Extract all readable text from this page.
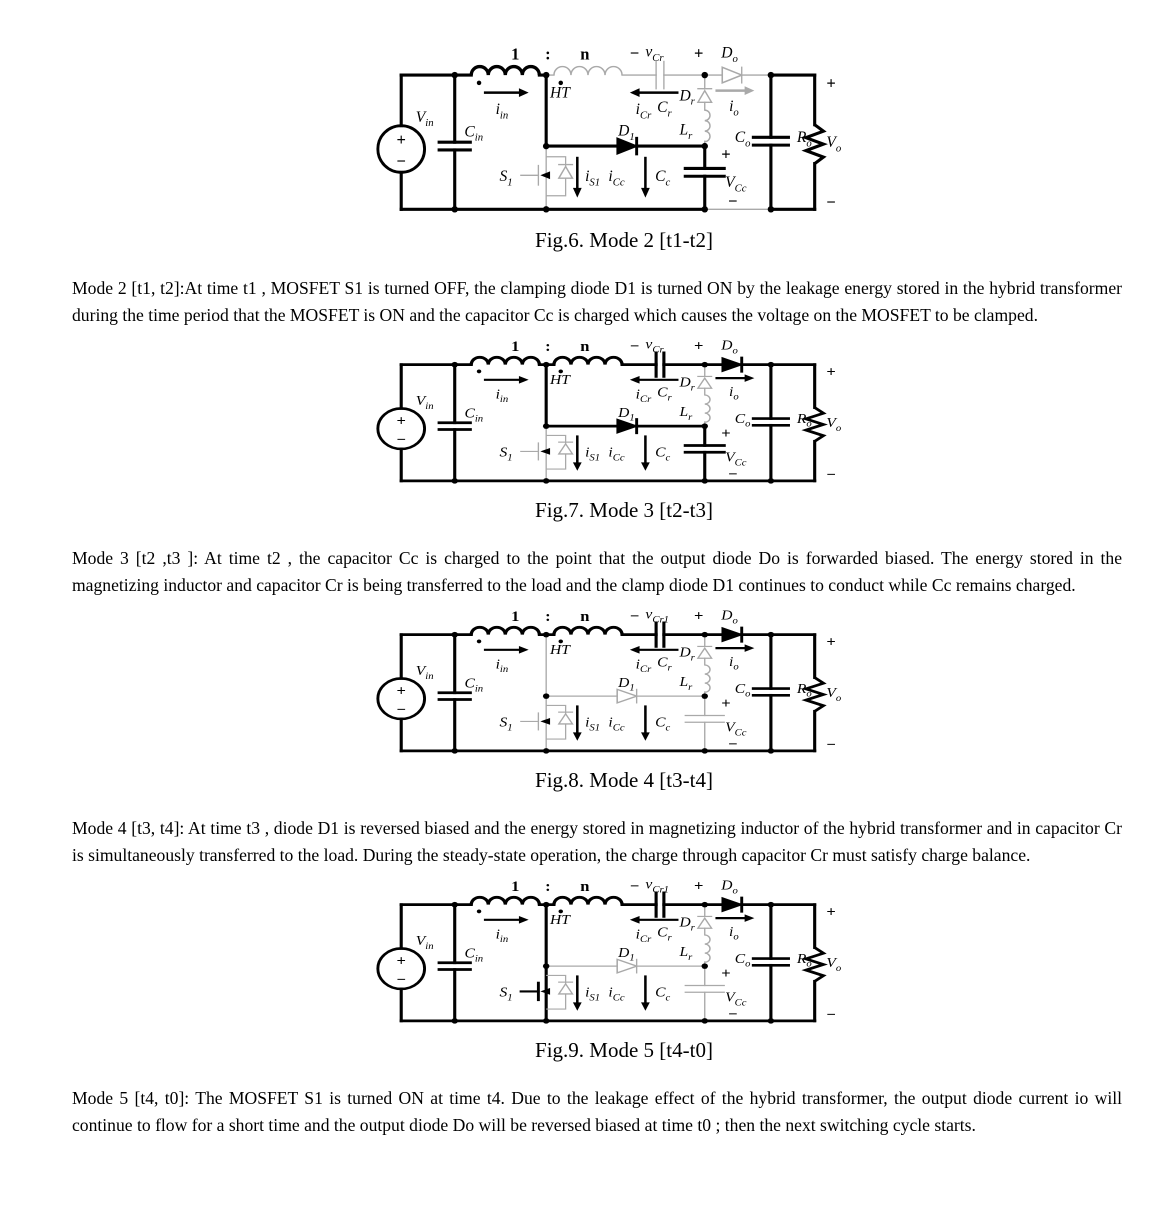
+
−
$V_{in}$
$C_{in}$
1 : n
HT
$i_{in}$	$i_{Cr}$ $C_r$
− $v_{Cr}$ +
$D_r$
$L_r$
$D_1$
$i_{Cc}$ $C_c$
+
$V_{Cc}$
−
$S_1$	$i_{S1}$
$D_o$
$i_o$
$C_o$	$R_o$ $V_o$
+
−
Fig.6. Mode 2 [t1-t2]

Mode 2 [t1, t2]:At time t1 , MOSFET S1 is turned OFF, the clamping diode D1 is turned ON by the leakage energy stored in the hybrid transformer during the time period that the MOSFET is ON and the capacitor Cc is charged which causes the voltage on the MOSFET to be clamped.

+
−
$V_{in}$
$C_{in}$
1 : n
HT
$i_{in}$	$i_{Cr}$ $C_r$
− $v_{Cr}$ +
$D_r$
$L_r$
$D_1$
$i_{Cc}$ $C_c$
+
$V_{Cc}$
−
$S_1$	$i_{S1}$
$D_o$
$i_o$
$C_o$	$R_o$ $V_o$
+
−
Fig.7. Mode 3 [t2-t3]

Mode 3 [t2 ,t3 ]: At time t2 , the capacitor Cc is charged to the point that the output diode Do is forwarded biased. The energy stored in the magnetizing inductor and capacitor Cr is being transferred to the load and the clamp diode D1 continues to conduct while Cc remains charged.

+
−
$V_{in}$
$C_{in}$
1 : n
HT
$i_{in}$	$i_{Cr}$ $C_r$
− $v_{Cr1}$ +
$D_r$
$L_r$
$D_1$
$i_{Cc}$ $C_c$
+
$V_{Cc}$
−
$S_1$	$i_{S1}$
$D_o$
$i_o$
$C_o$	$R_o$ $V_o$
+
−
Fig.8. Mode 4 [t3-t4]

Mode 4 [t3, t4]: At time t3 , diode D1 is reversed biased and the energy stored in magnetizing inductor of the hybrid transformer and in capacitor Cr is simultaneously transferred to the load. During the steady-state operation, the charge through capacitor Cr must satisfy charge balance.

+
−
$V_{in}$
$C_{in}$
1 : n
HT
$i_{in}$	$i_{Cr}$ $C_r$
− $v_{Cr1}$ +
$D_r$
$L_r$
$D_1$
$i_{Cc}$ $C_c$
+
$V_{Cc}$
−
$S_1$	$i_{S1}$
$D_o$
$i_o$
$C_o$	$R_o$ $V_o$
+
−
Fig.9. Mode 5 [t4-t0]

Mode 5 [t4, t0]: The MOSFET S1 is turned ON at time t4. Due to the leakage effect of the hybrid transformer, the output diode current io will continue to flow for a short time and the output diode Do will be reversed biased at time t0 ; then the next switching cycle starts.
